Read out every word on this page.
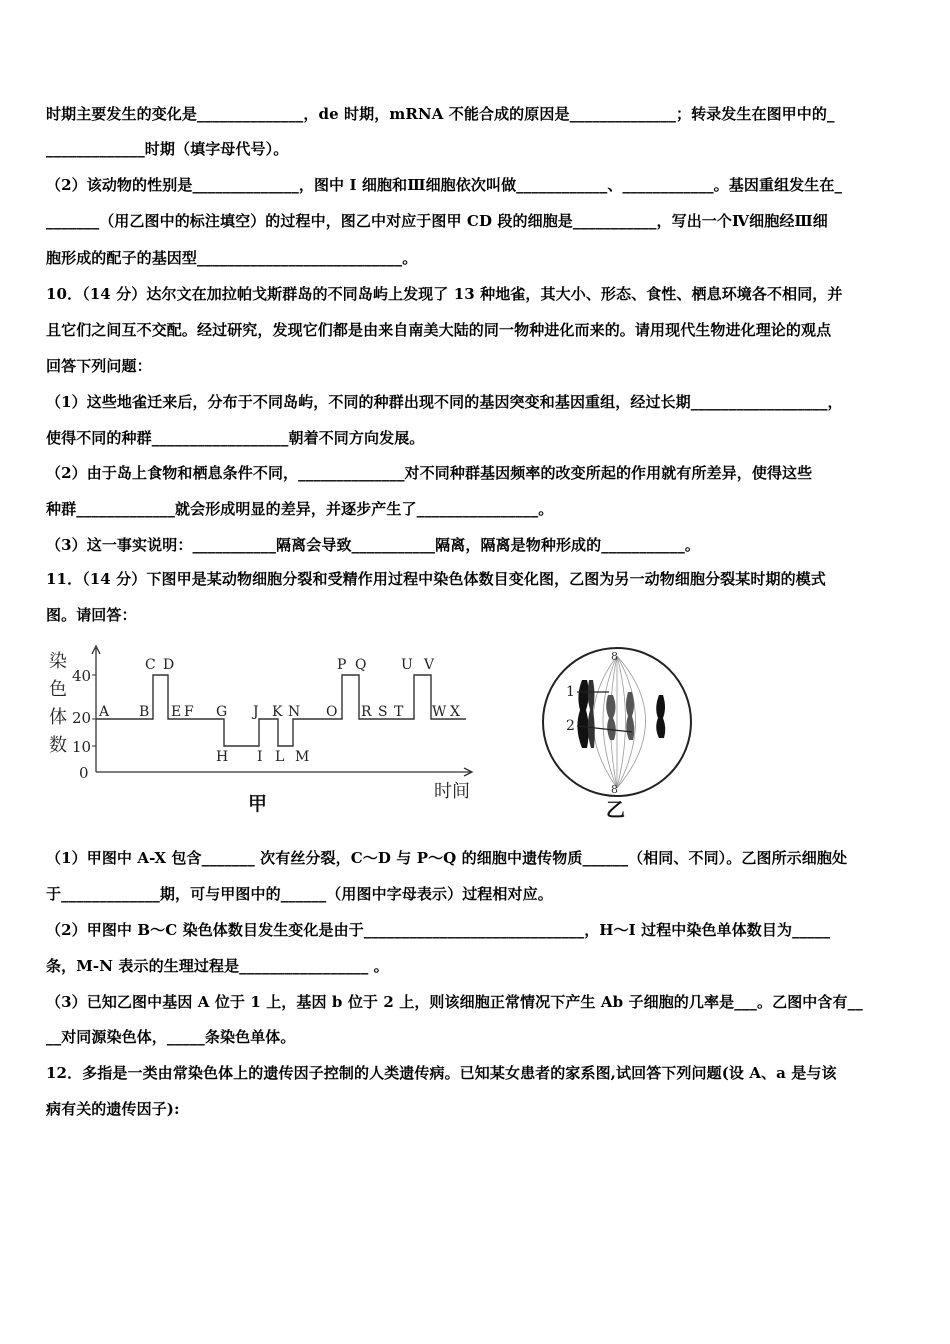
时期主要发生的变化是______________，de 时期，mRNA 不能合成的原因是______________；转录发生在图甲中的_
_____________时期（填字母代号）。
（2）该动物的性别是______________，图中 Ⅰ 细胞和Ⅲ细胞依次叫做____________、____________。基因重组发生在_
_______（用乙图中的标注填空）的过程中，图乙中对应于图甲 CD 段的细胞是___________，写出一个Ⅳ细胞经Ⅲ细
胞形成的配子的基因型___________________________。
10．（14 分）达尔文在加拉帕戈斯群岛的不同岛屿上发现了 13 种地雀，其大小、形态、食性、栖息环境各不相同，并
且它们之间互不交配。经过研究，发现它们都是由来自南美大陆的同一物种进化而来的。请用现代生物进化理论的观点
回答下列问题：
（1）这些地雀迁来后，分布于不同岛屿，不同的种群出现不同的基因突变和基因重组，经过长期__________________，
使得不同的种群__________________朝着不同方向发展。
（2）由于岛上食物和栖息条件不同，______________对不同种群基因频率的改变所起的作用就有所差异，使得这些
种群_____________就会形成明显的差异，并逐步产生了________________。
（3）这一事实说明：___________隔离会导致___________隔离，隔离是物种形成的___________。
11．（14 分）下图甲是某动物细胞分裂和受精作用过程中染色体数目变化图，乙图为另一动物细胞分裂某时期的模式
图。请回答：
染
色
体
数
40
20
10
0
C D	P Q U V
A B E F G J K N O R S T W X
H I L M
时间
甲
8
8
1
2
乙
（1）甲图中 A-X 包含_______ 次有丝分裂，C～D 与 P～Q 的细胞中遗传物质______（相同、不同）。乙图所示细胞处
于_____________期，可与甲图中的______（用图中字母表示）过程相对应。
（2）甲图中 B～C 染色体数目发生变化是由于_____________________________，H～I 过程中染色单体数目为_____
条，M-N 表示的生理过程是_________________ 。
（3）已知乙图中基因 A 位于 1 上，基因 b 位于 2 上，则该细胞正常情况下产生 Ab 子细胞的几率是___。乙图中含有__
__对同源染色体，_____条染色单体。
12．多指是一类由常染色体上的遗传因子控制的人类遗传病。已知某女患者的家系图,试回答下列问题(设 A、a 是与该
病有关的遗传因子):
